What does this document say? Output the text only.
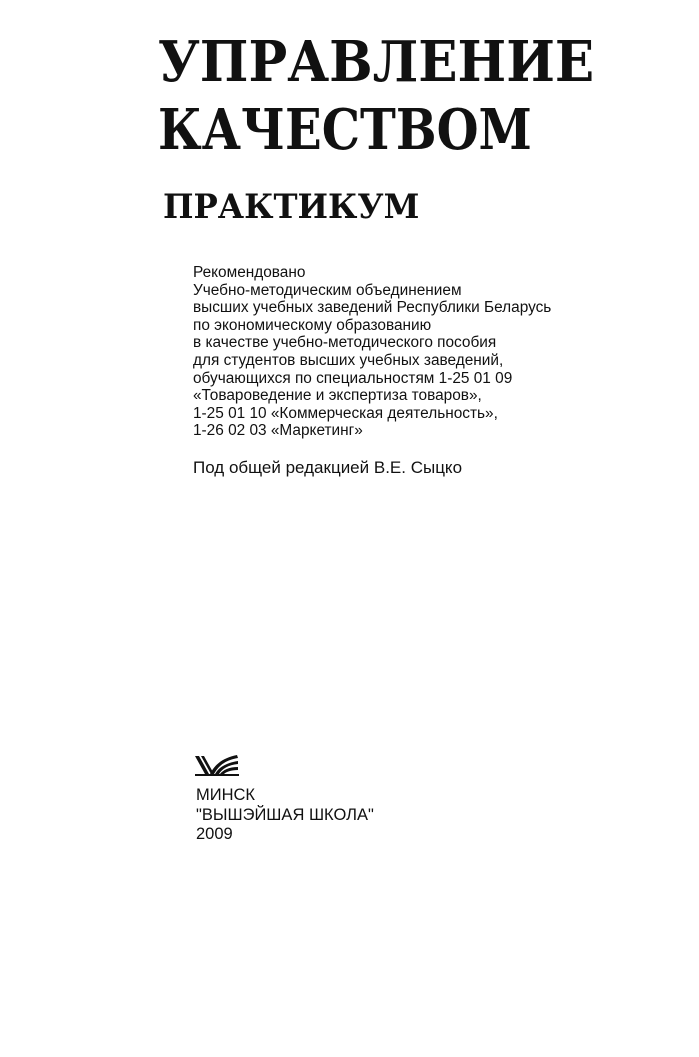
УПРАВЛЕНИЕ
КАЧЕСТВОМ
ПРАКТИКУМ
Рекомендовано
Учебно-методическим объединением
высших учебных заведений Республики Беларусь
по экономическому образованию
в качестве учебно-методического пособия
для студентов высших учебных заведений,
обучающихся по специальностям 1-25 01 09
«Товароведение и экспертиза товаров»,
1-25 01 10 «Коммерческая деятельность»,
1-26 02 03 «Маркетинг»
Под общей редакцией В.Е. Сыцко
МИНСК
"ВЫШЭЙШАЯ ШКОЛА"
2009
